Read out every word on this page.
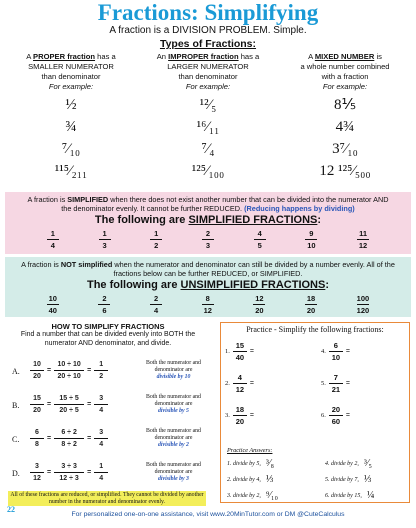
Fractions: Simplifying
A fraction is a DIVISION PROBLEM. Simple.
Types of Fractions:
A PROPER fraction has a
SMALLER NUMERATOR
than denominator
For example:
½
¾
⁷⁄₁₀
¹¹⁵⁄₂₁₁
An IMPROPER fraction has a
LARGER NUMERATOR
than denominator
For example:
¹²⁄₅
¹⁶⁄₁₁
⁷⁄₄
¹²⁵⁄₁₀₀
A MIXED NUMBER is
a whole number combined
with a fraction
For example:
8⅕
4¾
3⁷⁄₁₀
12 ¹²⁵⁄₅₀₀
A fraction is SIMPLIFIED when there does not exist another number that can be divided into the numerator AND the denominator evenly. It cannot be further REDUCED. (Reducing happens by dividing)
The following are SIMPLIFIED FRACTIONS:
1
4
1
3
1
2
2
3
4
5
9
10
11
12
A fraction is NOT simplified when the numerator and denominator can still be divided by a number evenly. All of the fractions below can be further REDUCED, or SIMPLIFIED.
The following are UNSIMPLIFIED FRACTIONS:
10
40
2
6
2
4
8
12
12
20
18
20
100
120
HOW TO SIMPLIFY FRACTIONS
Find a number that can be divided evenly into BOTH the numerator AND denominator, and divide.
A.
10
20
=
10 ÷ 10
20 ÷ 10
=
1
2
Both the numerator and denominator are
divisible by 10
B.
15
20
=
15 ÷ 5
20 ÷ 5
=
3
4
Both the numerator and denominator are
divisible by 5
C.
6
8
=
6 ÷ 2
8 ÷ 2
=
3
4
Both the numerator and denominator are
divisible by 2
D.
3
12
=
3 ÷ 3
12 ÷ 3
=
1
4
Both the numerator and denominator are
divisible by 3
All of these fractions are reduced, or simplified. They cannot be divided by another number in the numerator and denominator evenly.
22
Practice - Simplify the following fractions:
1.
15
40
=	4.
6
10
=
2.
4
12
=	5.
7
21
=
3.
18
20
=	6.
20
60
=
Practice Answers:
1. divide by 5, ³⁄₈	4. divide by 2, ³⁄₅
2. divide by 4, ⅓	5. divide by 7, ⅓
3. divide by 2, ⁹⁄₁₀	6. divide by 15, ¼
For personalized one-on-one assistance, visit www.20MinTutor.com or DM @CuteCalculus
